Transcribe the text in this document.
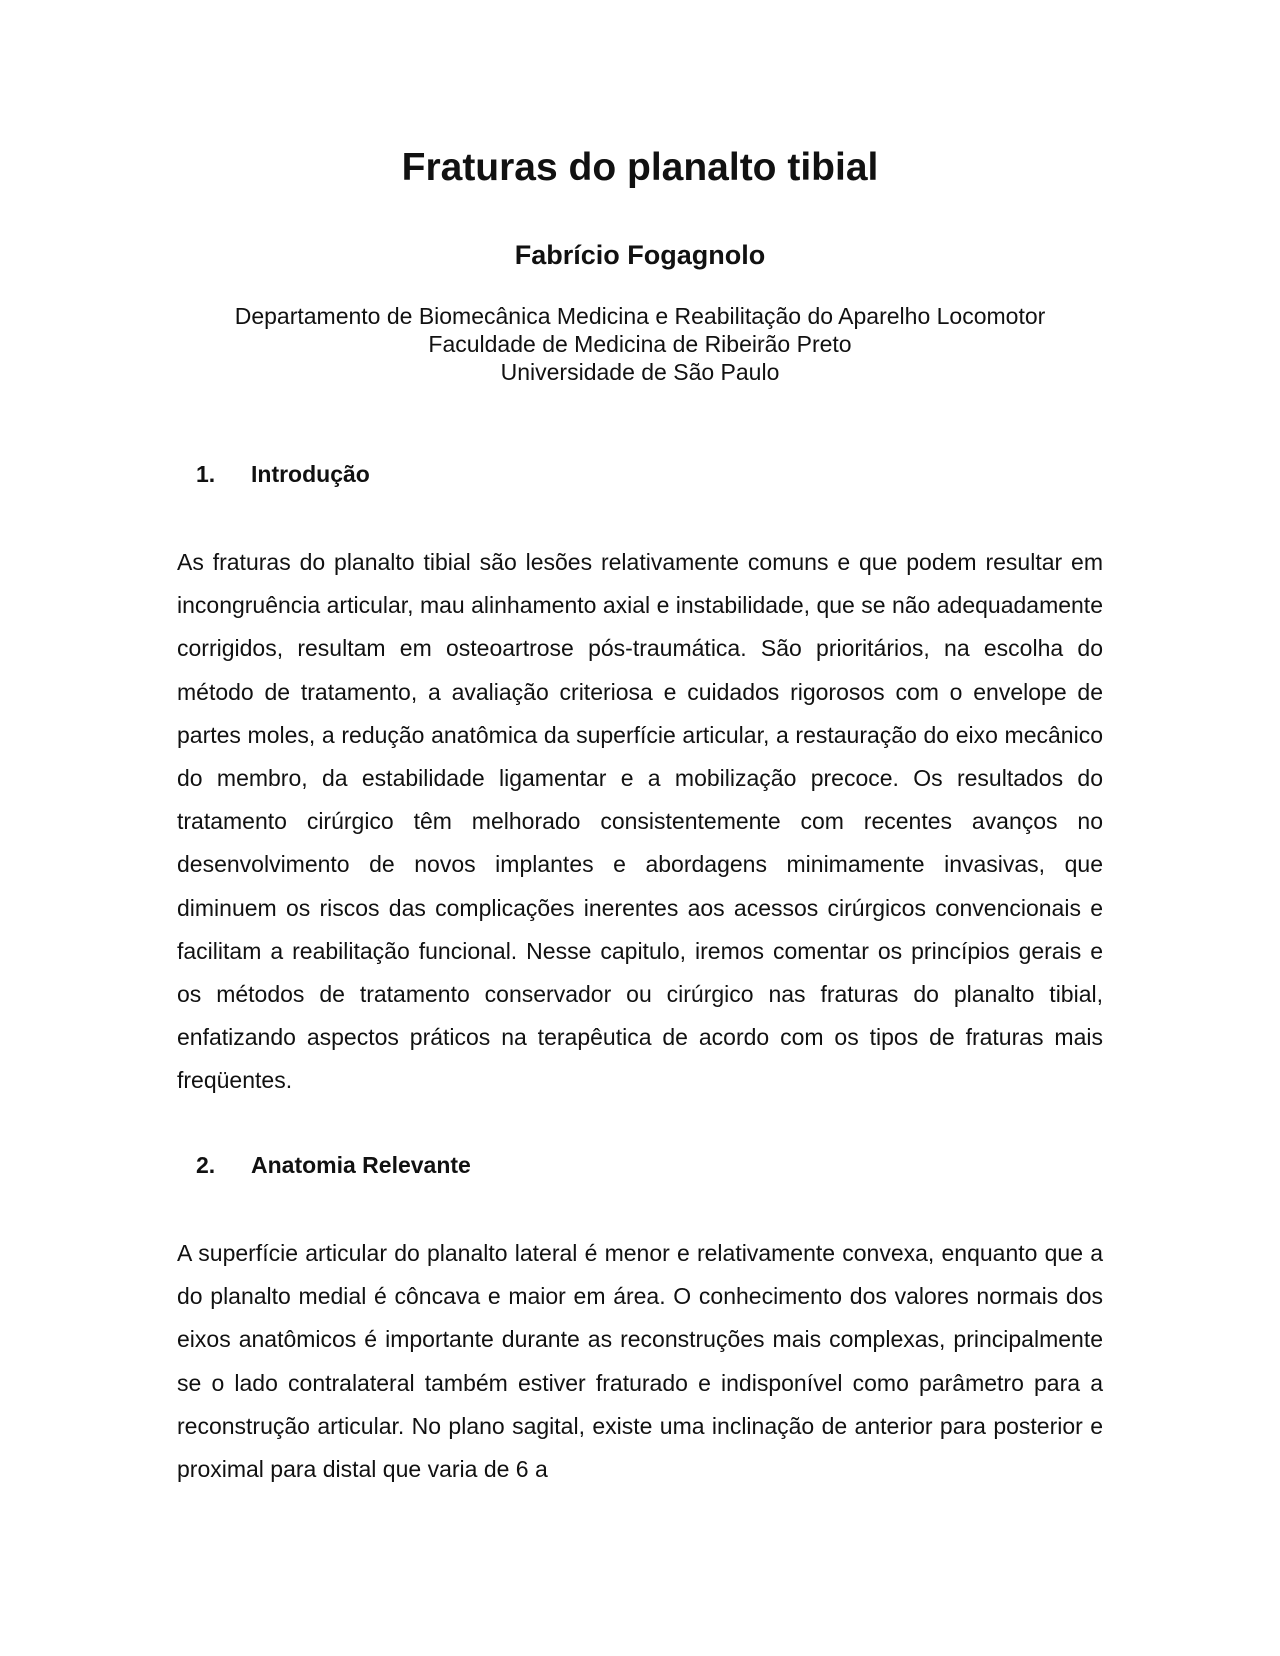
Fraturas do planalto tibial
Fabrício Fogagnolo
Departamento de Biomecânica Medicina e Reabilitação do Aparelho Locomotor
Faculdade de Medicina de Ribeirão Preto
Universidade de São Paulo
1.	Introdução

As fraturas do planalto tibial são lesões relativamente comuns e que podem resultar em incongruência articular, mau alinhamento axial e instabilidade, que se não adequadamente corrigidos, resultam em osteoartrose pós-traumática. São prioritários, na escolha do método de tratamento, a avaliação criteriosa e cuidados rigorosos com o envelope de partes moles, a redução anatômica da superfície articular, a restauração do eixo mecânico do membro, da estabilidade ligamentar e a mobilização precoce. Os resultados do tratamento cirúrgico têm melhorado consistentemente com recentes avanços no desenvolvimento de novos implantes e abordagens minimamente invasivas, que diminuem os riscos das complicações inerentes aos acessos cirúrgicos convencionais e facilitam a reabilitação funcional. Nesse capitulo, iremos comentar os princípios gerais e os métodos de tratamento conservador ou cirúrgico nas fraturas do planalto tibial, enfatizando aspectos práticos na terapêutica de acordo com os tipos de fraturas mais freqüentes.

2.	Anatomia Relevante

A superfície articular do planalto lateral é menor e relativamente convexa, enquanto que a do planalto medial é côncava e maior em área. O conhecimento dos valores normais dos eixos anatômicos é importante durante as reconstruções mais complexas, principalmente se o lado contralateral também estiver fraturado e indisponível como parâmetro para a reconstrução articular. No plano sagital, existe uma inclinação de anterior para posterior e proximal para distal que varia de 6 a
